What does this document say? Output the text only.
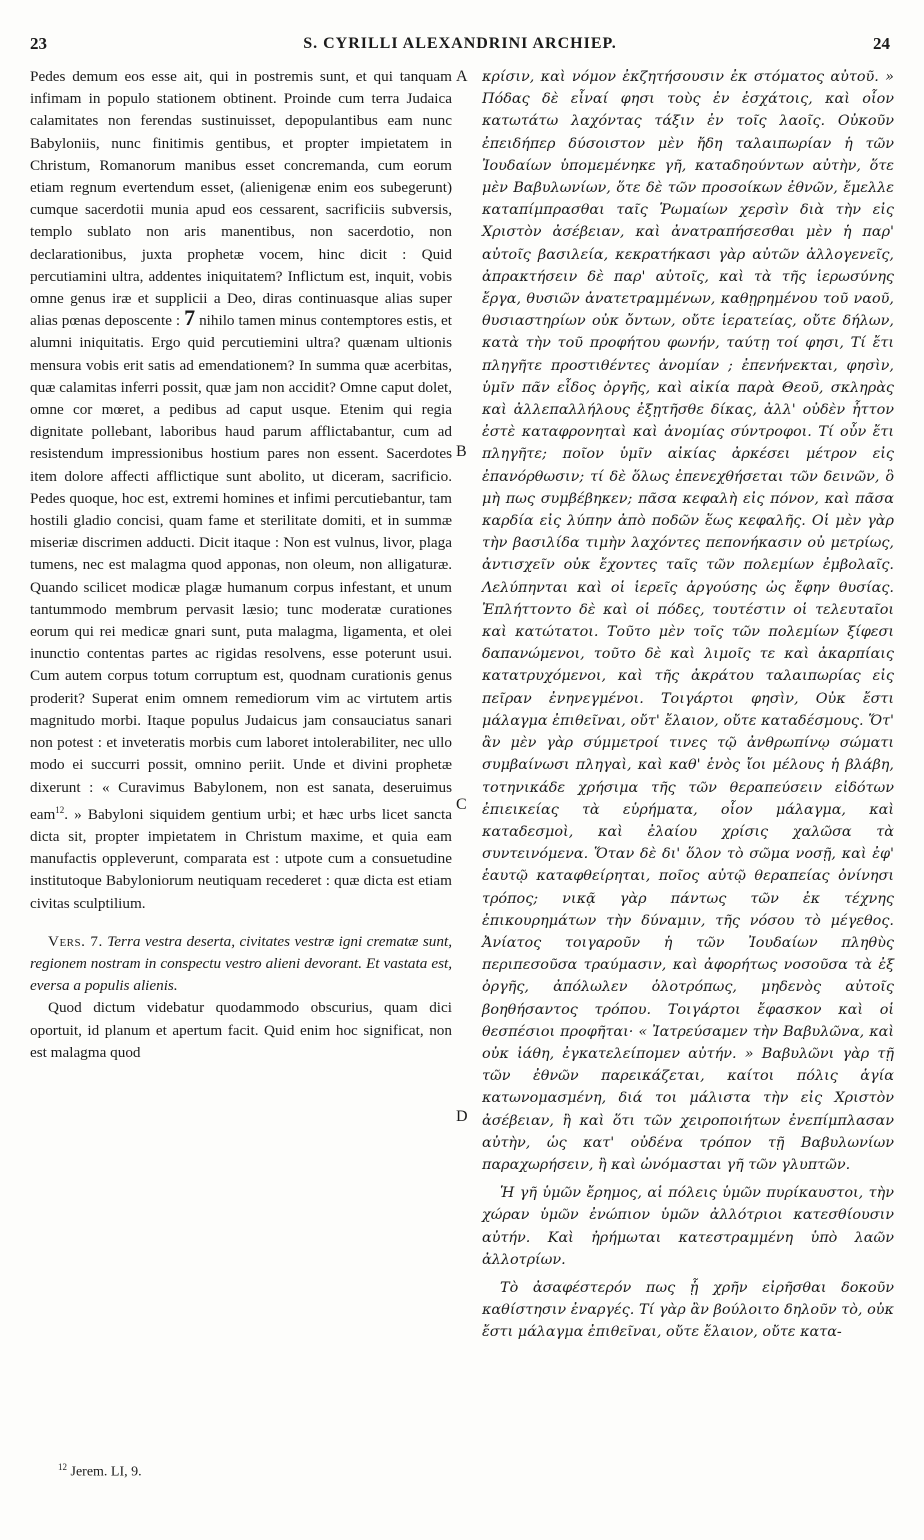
23	S. CYRILLI ALEXANDRINI ARCHIEP.	24
A
B
C
D

Pedes demum eos esse ait, qui in postremis sunt, et qui tanquam infimam in populo stationem obtinent. Proinde cum terra Judaica calamitates non ferendas sustinuisset, depopulantibus eam nunc Babyloniis, nunc finitimis gentibus, et propter impietatem in Christum, Romanorum manibus esset concremanda, cum eorum etiam regnum evertendum esset, (alienigenæ enim eos subegerunt) cumque sacerdotii munia apud eos cessarent, sacrificiis subversis, templo sublato non aris manentibus, non sacerdotio, non declarationibus, juxta prophetæ vocem, hinc dicit : Quid percutiamini ultra, addentes iniquitatem? Inflictum est, inquit, vobis omne genus iræ et supplicii a Deo, diras continuasque alias super alias pœnas deposcente : 7 nihilo tamen minus contemptores estis, et alumni iniquitatis. Ergo quid percutiemini ultra? quænam ultionis mensura vobis erit satis ad emendationem? In summa quæ acerbitas, quæ calamitas inferri possit, quæ jam non accidit? Omne caput dolet, omne cor mœret, a pedibus ad caput usque. Etenim qui regia dignitate pollebant, laboribus haud parum afflictabantur, cum ad resistendum impressionibus hostium pares non essent. Sacerdotes item dolore affecti afflictique sunt abolito, ut diceram, sacrificio. Pedes quoque, hoc est, extremi homines et infimi percutiebantur, tam hostili gladio concisi, quam fame et sterilitate domiti, et in summæ miseriæ discrimen adducti. Dicit itaque : Non est vulnus, livor, plaga tumens, nec est malagma quod apponas, non oleum, non alligaturæ. Quando scilicet modicæ plagæ humanum corpus infestant, et unum tantummodo membrum pervasit læsio; tunc moderatæ curationes eorum qui rei medicæ gnari sunt, puta malagma, ligamenta, et olei inunctio contentas partes ac rigidas resolvens, esse poterunt usui. Cum autem corpus totum corruptum est, quodnam curationis genus proderit? Superat enim omnem remediorum vim ac virtutem artis magnitudo morbi. Itaque populus Judaicus jam consauciatus sanari non potest : et inveteratis morbis cum laboret intolerabiliter, nec ullo modo ei succurri possit, omnino periit. Unde et divini prophetæ dixerunt : « Curavimus Babylonem, non est sanata, deseruimus eam$^{12}$. » Babyloni siquidem gentium urbi; et hæc urbs licet sancta dicta sit, propter impietatem in Christum maxime, et quia eam manufactis oppleverunt, comparata est : utpote cum a consuetudine institutoque Babyloniorum neutiquam recederet : quæ dicta est etiam civitas sculptilium.

Vers. 7. Terra vestra deserta, civitates vestræ igni crematæ sunt, regionem nostram in conspectu vestro alieni devorant. Et vastata est, eversa a populis alienis.

Quod dictum videbatur quodammodo obscurius, quam dici oportuit, id planum et apertum facit. Quid enim hoc significat, non est malagma quod

κρίσιν, καὶ νόμον ἐκζητήσουσιν ἐκ στόματος αὐτοῦ. » Πόδας δὲ εἶναί φησι τοὺς ἐν ἐσχάτοις, καὶ οἷον κατωτάτω λαχόντας τάξιν ἐν τοῖς λαοῖς. Οὐκοῦν ἐπειδήπερ δύσοιστον μὲν ἤδη ταλαιπωρίαν ἡ τῶν Ἰουδαίων ὑπομεμένηκε γῆ, καταδηούντων αὐτὴν, ὅτε μὲν Βαβυλωνίων, ὅτε δὲ τῶν προσοίκων ἐθνῶν, ἔμελλε καταπίμπρασθαι ταῖς Ῥωμαίων χερσὶν διὰ τὴν εἰς Χριστὸν ἀσέβειαν, καὶ ἀνατραπήσεσθαι μὲν ἡ παρ' αὐτοῖς βασιλεία, κεκρατήκασι γὰρ αὐτῶν ἀλλογενεῖς, ἀπρακτήσειν δὲ παρ' αὐτοῖς, καὶ τὰ τῆς ἱερωσύνης ἔργα, θυσιῶν ἀνατετραμμένων, καθῃρημένου τοῦ ναοῦ, θυσιαστηρίων οὐκ ὄντων, οὔτε ἱερατείας, οὔτε δήλων, κατὰ τὴν τοῦ προφήτου φωνήν, ταύτῃ τοί φησι, Τί ἔτι πληγῆτε προστιθέντες ἀνομίαν ; ἐπενήνεκται, φησὶν, ὑμῖν πᾶν εἶδος ὀργῆς, καὶ αἰκία παρὰ Θεοῦ, σκληρὰς καὶ ἀλλεπαλλήλους ἐξῃτῆσθε δίκας, ἀλλ' οὐδὲν ἧττον ἐστὲ καταφρονηταὶ καὶ ἀνομίας σύντροφοι. Τί οὖν ἔτι πληγῆτε; ποῖον ὑμῖν αἰκίας ἀρκέσει μέτρον εἰς ἐπανόρθωσιν; τί δὲ ὅλως ἐπενεχθήσεται τῶν δεινῶν, ὃ μὴ πως συμβέβηκεν; πᾶσα κεφαλὴ εἰς πόνον, καὶ πᾶσα καρδία εἰς λύπην ἀπὸ ποδῶν ἕως κεφαλῆς. Οἱ μὲν γὰρ τὴν βασιλίδα τιμὴν λαχόντες πεπονήκασιν οὐ μετρίως, ἀντισχεῖν οὐκ ἔχοντες ταῖς τῶν πολεμίων ἐμβολαῖς. Λελύπηνται καὶ οἱ ἱερεῖς ἀργούσης ὡς ἔφην θυσίας. Ἐπλήττοντο δὲ καὶ οἱ πόδες, τουτέστιν οἱ τελευταῖοι καὶ κατώτατοι. Τοῦτο μὲν τοῖς τῶν πολεμίων ξίφεσι δαπανώμενοι, τοῦτο δὲ καὶ λιμοῖς τε καὶ ἀκαρπίαις κατατρυχόμενοι, καὶ τῆς ἀκράτου ταλαιπωρίας εἰς πεῖραν ἐνηνεγμένοι. Τοιγάρτοι φησὶν, Οὐκ ἔστι μάλαγμα ἐπιθεῖναι, οὔτ' ἔλαιον, οὔτε καταδέσμους. Ὅτ' ἂν μὲν γὰρ σύμμετροί τινες τῷ ἀνθρωπίνῳ σώματι συμβαίνωσι πληγαὶ, καὶ καθ' ἑνὸς ἴοι μέλους ἡ βλάβη, τοτηνικάδε χρήσιμα τῆς τῶν θεραπεύσειν εἰδότων ἐπιεικείας τὰ εὑρήματα, οἷον μάλαγμα, καὶ καταδεσμοὶ, καὶ ἐλαίου χρίσις χαλῶσα τὰ συντεινόμενα. Ὅταν δὲ δι' ὅλον τὸ σῶμα νοσῇ, καὶ ἐφ' ἑαυτῷ καταφθείρηται, ποῖος αὐτῷ θεραπείας ὀνίνησι τρόπος; νικᾷ γὰρ πάντως τῶν ἐκ τέχνης ἐπικουρημάτων τὴν δύναμιν, τῆς νόσου τὸ μέγεθος. Ἀνίατος τοιγαροῦν ἡ τῶν Ἰουδαίων πληθὺς περιπεσοῦσα τραύμασιν, καὶ ἀφορήτως νοσοῦσα τὰ ἐξ ὀργῆς, ἀπόλωλεν ὁλοτρόπως, μηδενὸς αὐτοῖς βοηθήσαντος τρόπου. Τοιγάρτοι ἔφασκον καὶ οἱ θεσπέσιοι προφῆται· « Ἰατρεύσαμεν τὴν Βαβυλῶνα, καὶ οὐκ ἰάθη, ἐγκατελείπομεν αὐτήν. » Βαβυλῶνι γὰρ τῇ τῶν ἐθνῶν παρεικάζεται, καίτοι πόλις ἁγία κατωνομασμένη, διά τοι μάλιστα τὴν εἰς Χριστὸν ἀσέβειαν, ἢ καὶ ὅτι τῶν χειροποιήτων ἐνεπίμπλασαν αὐτὴν, ὡς κατ' οὐδένα τρόπον τῇ Βαβυλωνίων παραχωρήσειν, ἢ καὶ ὠνόμασται γῆ τῶν γλυπτῶν.

Ἡ γῆ ὑμῶν ἔρημος, αἱ πόλεις ὑμῶν πυρίκαυστοι, τὴν χώραν ὑμῶν ἐνώπιον ὑμῶν ἀλλότριοι κατεσθίουσιν αὐτήν. Καὶ ἠρήμωται κατεστραμμένη ὑπὸ λαῶν ἀλλοτρίων.

Τὸ ἀσαφέστερόν πως ᾗ χρῆν εἰρῆσθαι δοκοῦν καθίστησιν ἐναργές. Τί γὰρ ἂν βούλοιτο δηλοῦν τὸ, οὐκ ἔστι μάλαγμα ἐπιθεῖναι, οὔτε ἔλαιον, οὔτε κατα-

$^{12}$ Jerem. LI, 9.
